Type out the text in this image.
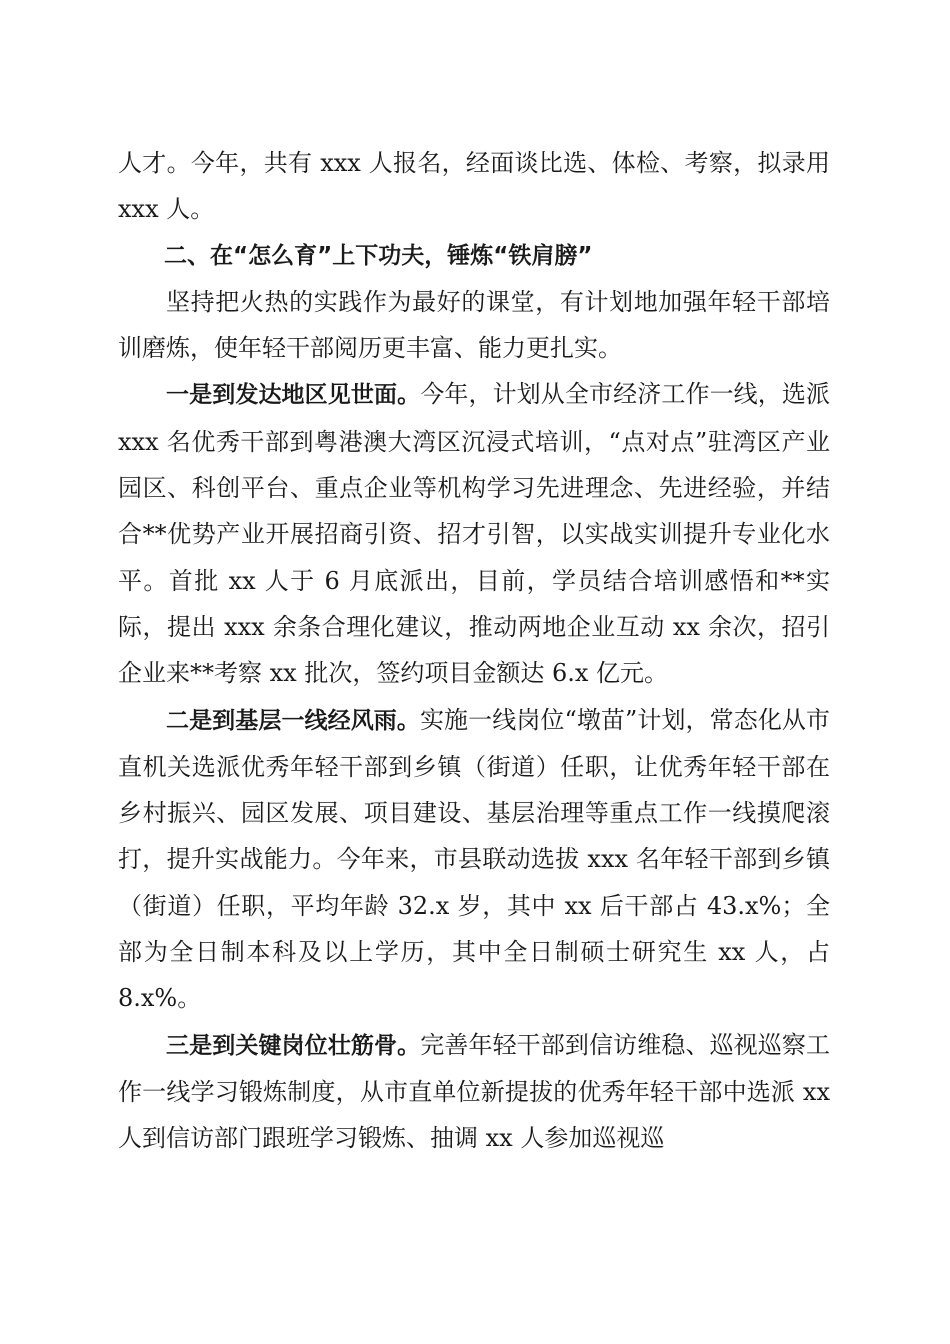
人才。今年，共有 xxx 人报名，经面谈比选、体检、考察，拟录用 xxx 人。

二、在“怎么育”上下功夫，锤炼“铁肩膀”

坚持把火热的实践作为最好的课堂，有计划地加强年轻干部培训磨炼，使年轻干部阅历更丰富、能力更扎实。

一是到发达地区见世面。今年，计划从全市经济工作一线，选派 xxx 名优秀干部到粤港澳大湾区沉浸式培训，“点对点”驻湾区产业园区、科创平台、重点企业等机构学习先进理念、先进经验，并结合**优势产业开展招商引资、招才引智，以实战实训提升专业化水平。首批 xx 人于 6 月底派出，目前，学员结合培训感悟和**实际，提出 xxx 余条合理化建议，推动两地企业互动 xx 余次，招引企业来**考察 xx 批次，签约项目金额达 6.x 亿元。

二是到基层一线经风雨。实施一线岗位“墩苗”计划，常态化从市直机关选派优秀年轻干部到乡镇（街道）任职，让优秀年轻干部在乡村振兴、园区发展、项目建设、基层治理等重点工作一线摸爬滚打，提升实战能力。今年来，市县联动选拔 xxx 名年轻干部到乡镇（街道）任职，平均年龄 32.x 岁，其中 xx 后干部占 43.x%；全部为全日制本科及以上学历，其中全日制硕士研究生 xx 人，占 8.x%。

三是到关键岗位壮筋骨。完善年轻干部到信访维稳、巡视巡察工作一线学习锻炼制度，从市直单位新提拔的优秀年轻干部中选派 xx 人到信访部门跟班学习锻炼、抽调 xx 人参加巡视巡
